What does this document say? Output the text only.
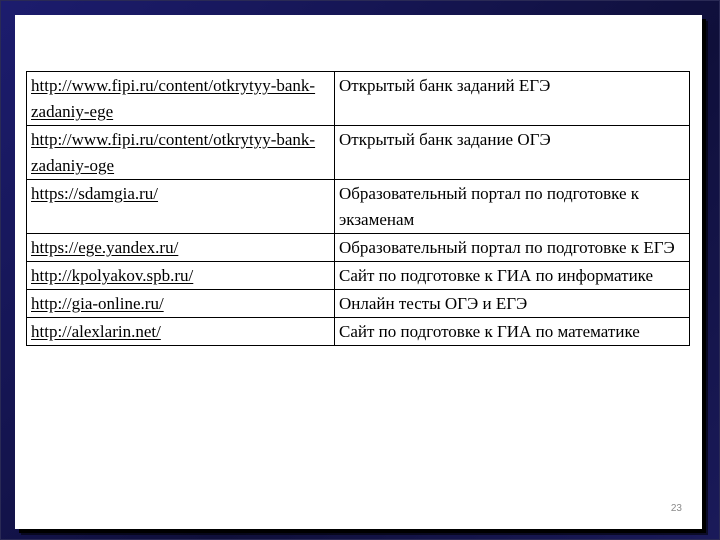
http://www.fipi.ru/content/otkrytyy-bank-zadaniy-ege	Открытый банк заданий ЕГЭ
http://www.fipi.ru/content/otkrytyy-bank-zadaniy-oge	Открытый банк задание ОГЭ
https://sdamgia.ru/	Образовательный портал по подготовке к экзаменам
https://ege.yandex.ru/	Образовательный портал по подготовке к ЕГЭ
http://kpolyakov.spb.ru/	Сайт по подготовке к ГИА по информатике
http://gia-online.ru/	Онлайн тесты ОГЭ и ЕГЭ
http://alexlarin.net/	Сайт по подготовке к ГИА по математике
23
